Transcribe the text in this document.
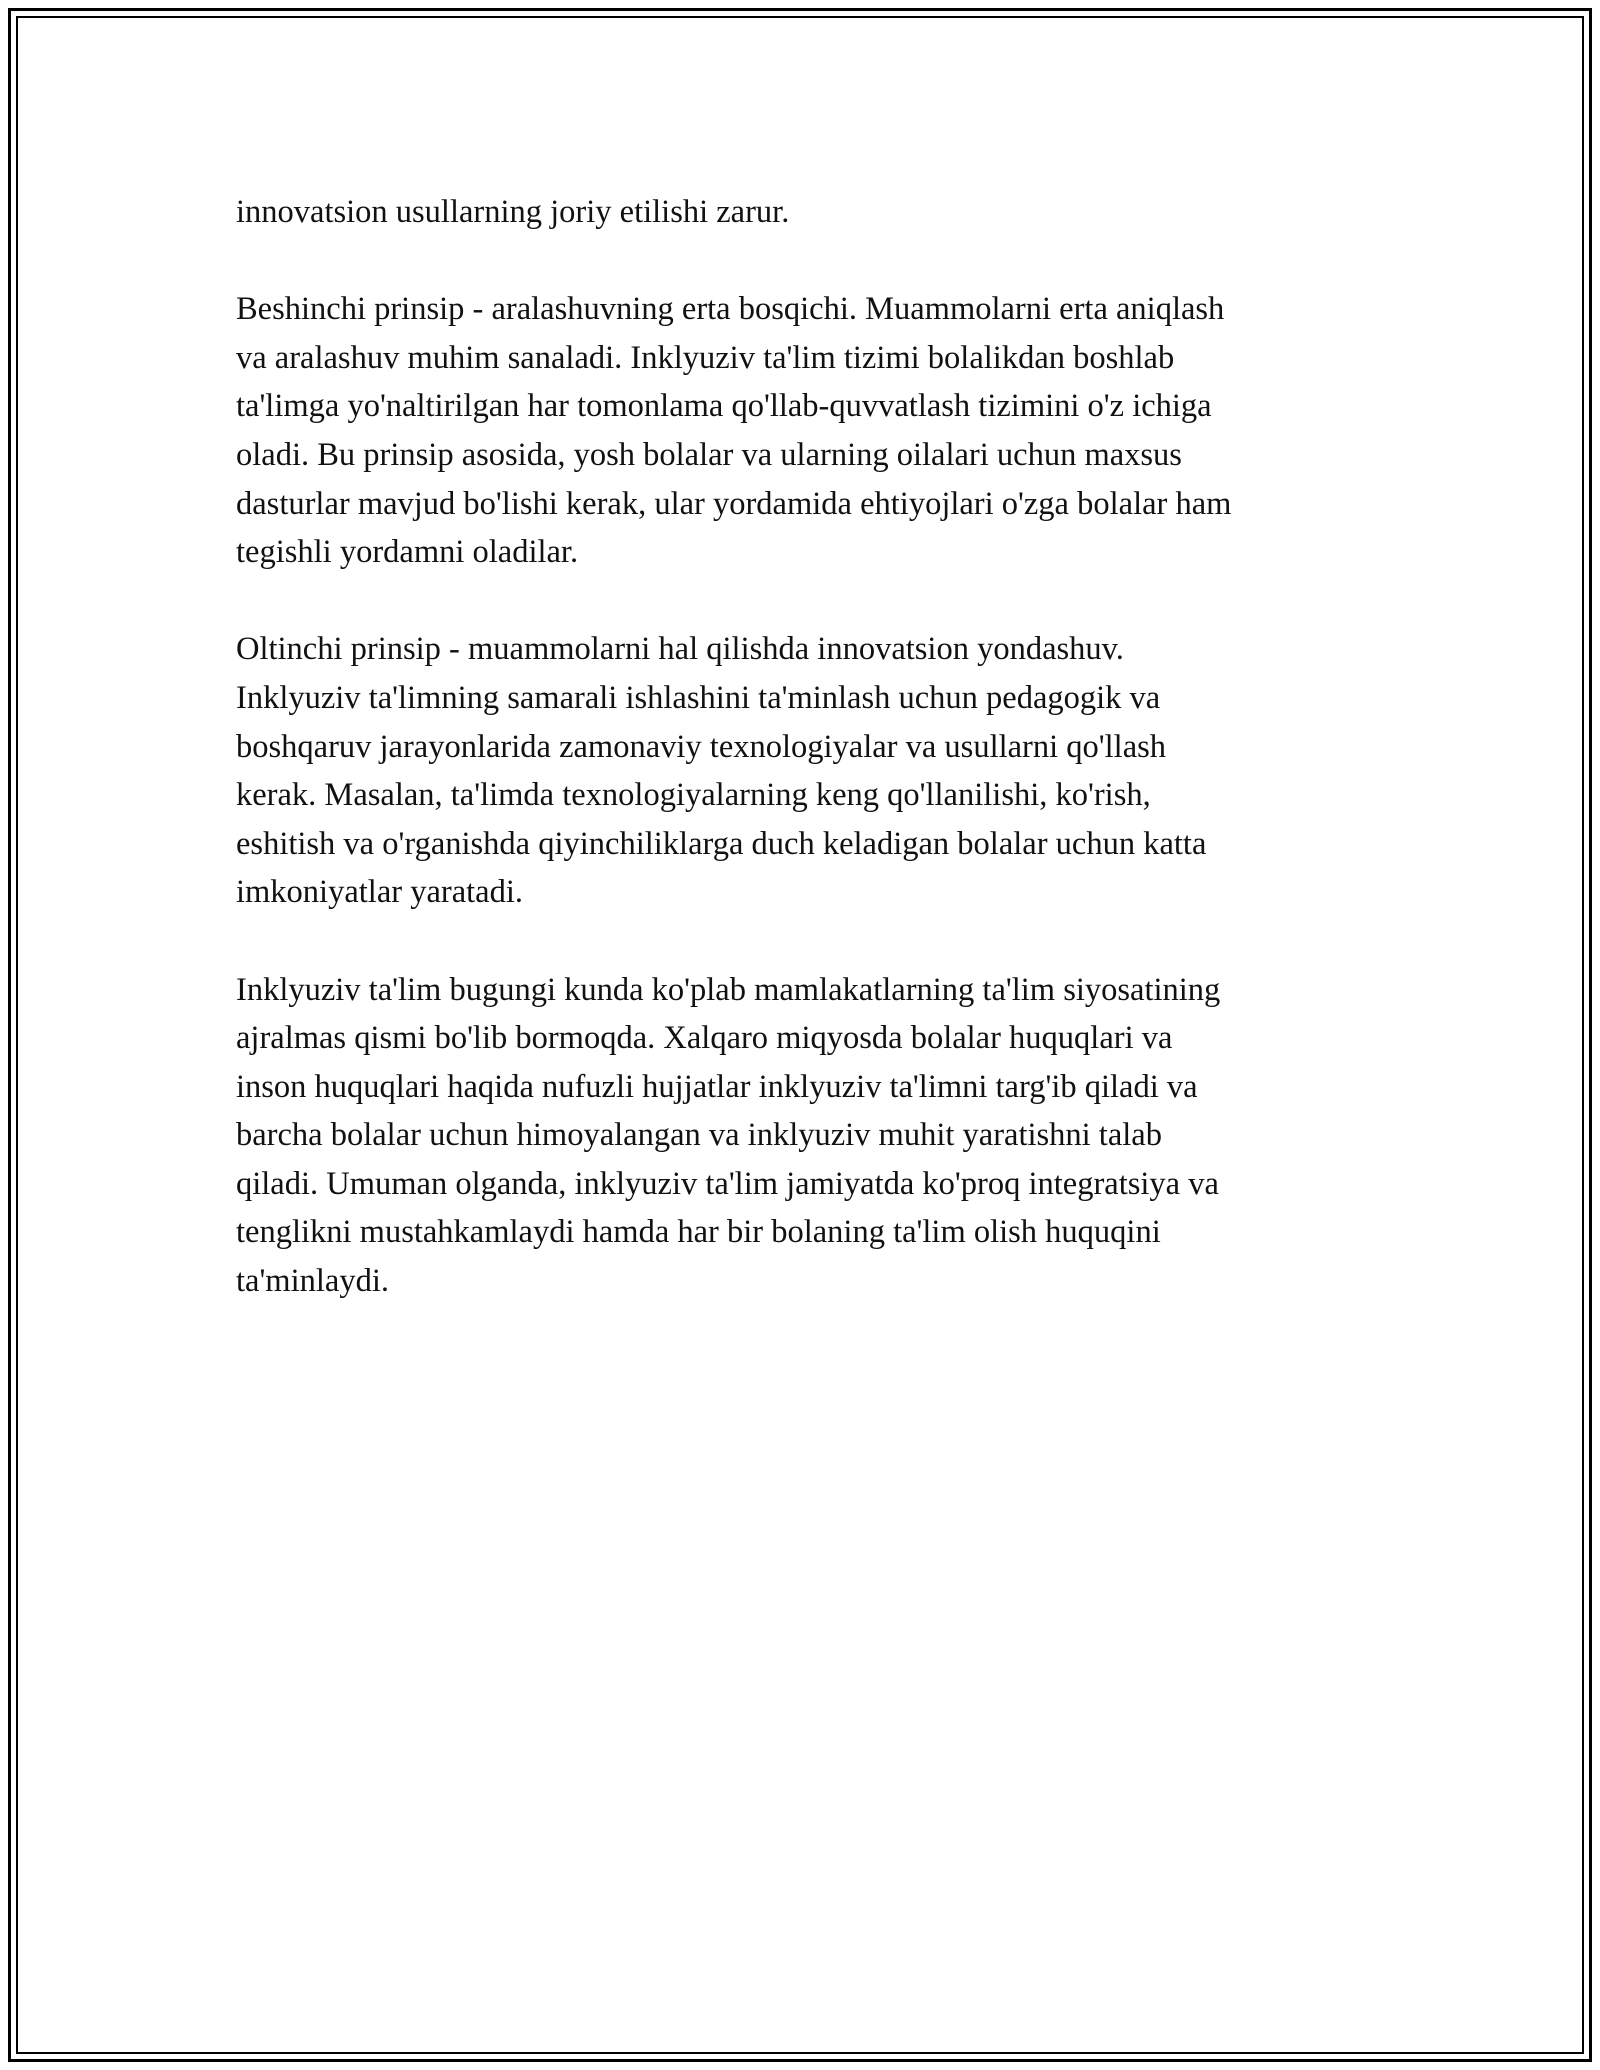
innovatsion usullarning joriy etilishi zarur.

Beshinchi prinsip - aralashuvning erta bosqichi. Muammolarni erta aniqlash
va aralashuv muhim sanaladi. Inklyuziv ta'lim tizimi bolalikdan boshlab
ta'limga yo'naltirilgan har tomonlama qo'llab-quvvatlash tizimini o'z ichiga
oladi. Bu prinsip asosida, yosh bolalar va ularning oilalari uchun maxsus
dasturlar mavjud bo'lishi kerak, ular yordamida ehtiyojlari o'zga bolalar ham
tegishli yordamni oladilar.

Oltinchi prinsip - muammolarni hal qilishda innovatsion yondashuv.
Inklyuziv ta'limning samarali ishlashini ta'minlash uchun pedagogik va
boshqaruv jarayonlarida zamonaviy texnologiyalar va usullarni qo'llash
kerak. Masalan, ta'limda texnologiyalarning keng qo'llanilishi, ko'rish,
eshitish va o'rganishda qiyinchiliklarga duch keladigan bolalar uchun katta
imkoniyatlar yaratadi.

Inklyuziv ta'lim bugungi kunda ko'plab mamlakatlarning ta'lim siyosatining
ajralmas qismi bo'lib bormoqda. Xalqaro miqyosda bolalar huquqlari va
inson huquqlari haqida nufuzli hujjatlar inklyuziv ta'limni targ'ib qiladi va
barcha bolalar uchun himoyalangan va inklyuziv muhit yaratishni talab
qiladi. Umuman olganda, inklyuziv ta'lim jamiyatda ko'proq integratsiya va
tenglikni mustahkamlaydi hamda har bir bolaning ta'lim olish huquqini
ta'minlaydi.
